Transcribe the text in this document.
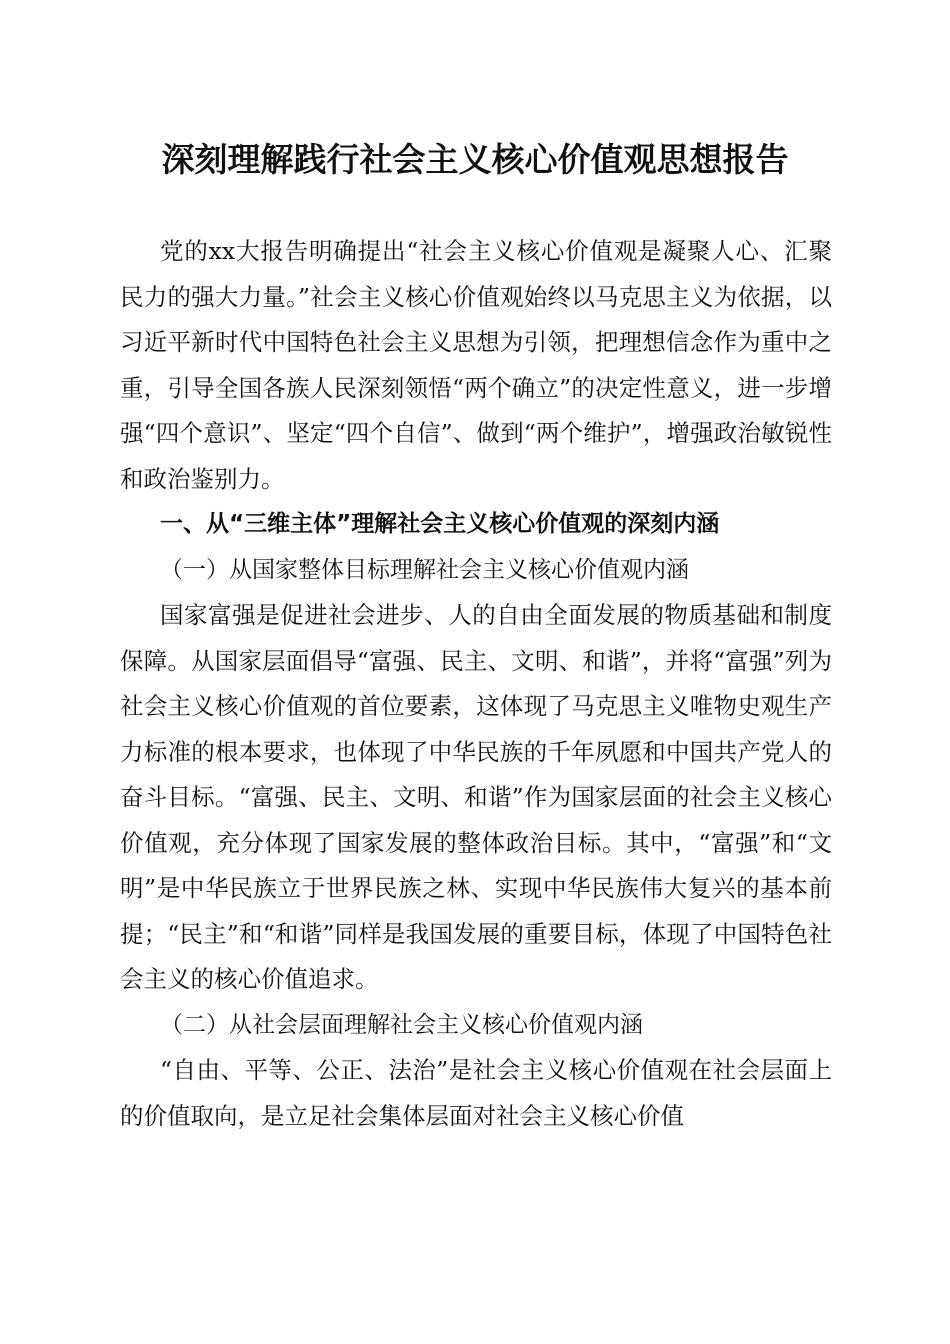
深刻理解践行社会主义核心价值观思想报告

党的xx大报告明确提出“社会主义核心价值观是凝聚人心、汇聚民力的强大力量。”社会主义核心价值观始终以马克思主义为依据，以习近平新时代中国特色社会主义思想为引领，把理想信念作为重中之重，引导全国各族人民深刻领悟“两个确立”的决定性意义，进一步增强“四个意识”、坚定“四个自信”、做到“两个维护”，增强政治敏锐性和政治鉴别力。

一、从“三维主体”理解社会主义核心价值观的深刻内涵

（一）从国家整体目标理解社会主义核心价值观内涵

国家富强是促进社会进步、人的自由全面发展的物质基础和制度保障。从国家层面倡导“富强、民主、文明、和谐”，并将“富强”列为社会主义核心价值观的首位要素，这体现了马克思主义唯物史观生产力标准的根本要求，也体现了中华民族的千年夙愿和中国共产党人的奋斗目标。“富强、民主、文明、和谐”作为国家层面的社会主义核心价值观，充分体现了国家发展的整体政治目标。其中，“富强”和“文明”是中华民族立于世界民族之林、实现中华民族伟大复兴的基本前提；“民主”和“和谐”同样是我国发展的重要目标，体现了中国特色社会主义的核心价值追求。

（二）从社会层面理解社会主义核心价值观内涵

“自由、平等、公正、法治”是社会主义核心价值观在社会层面上的价值取向，是立足社会集体层面对社会主义核心价值
